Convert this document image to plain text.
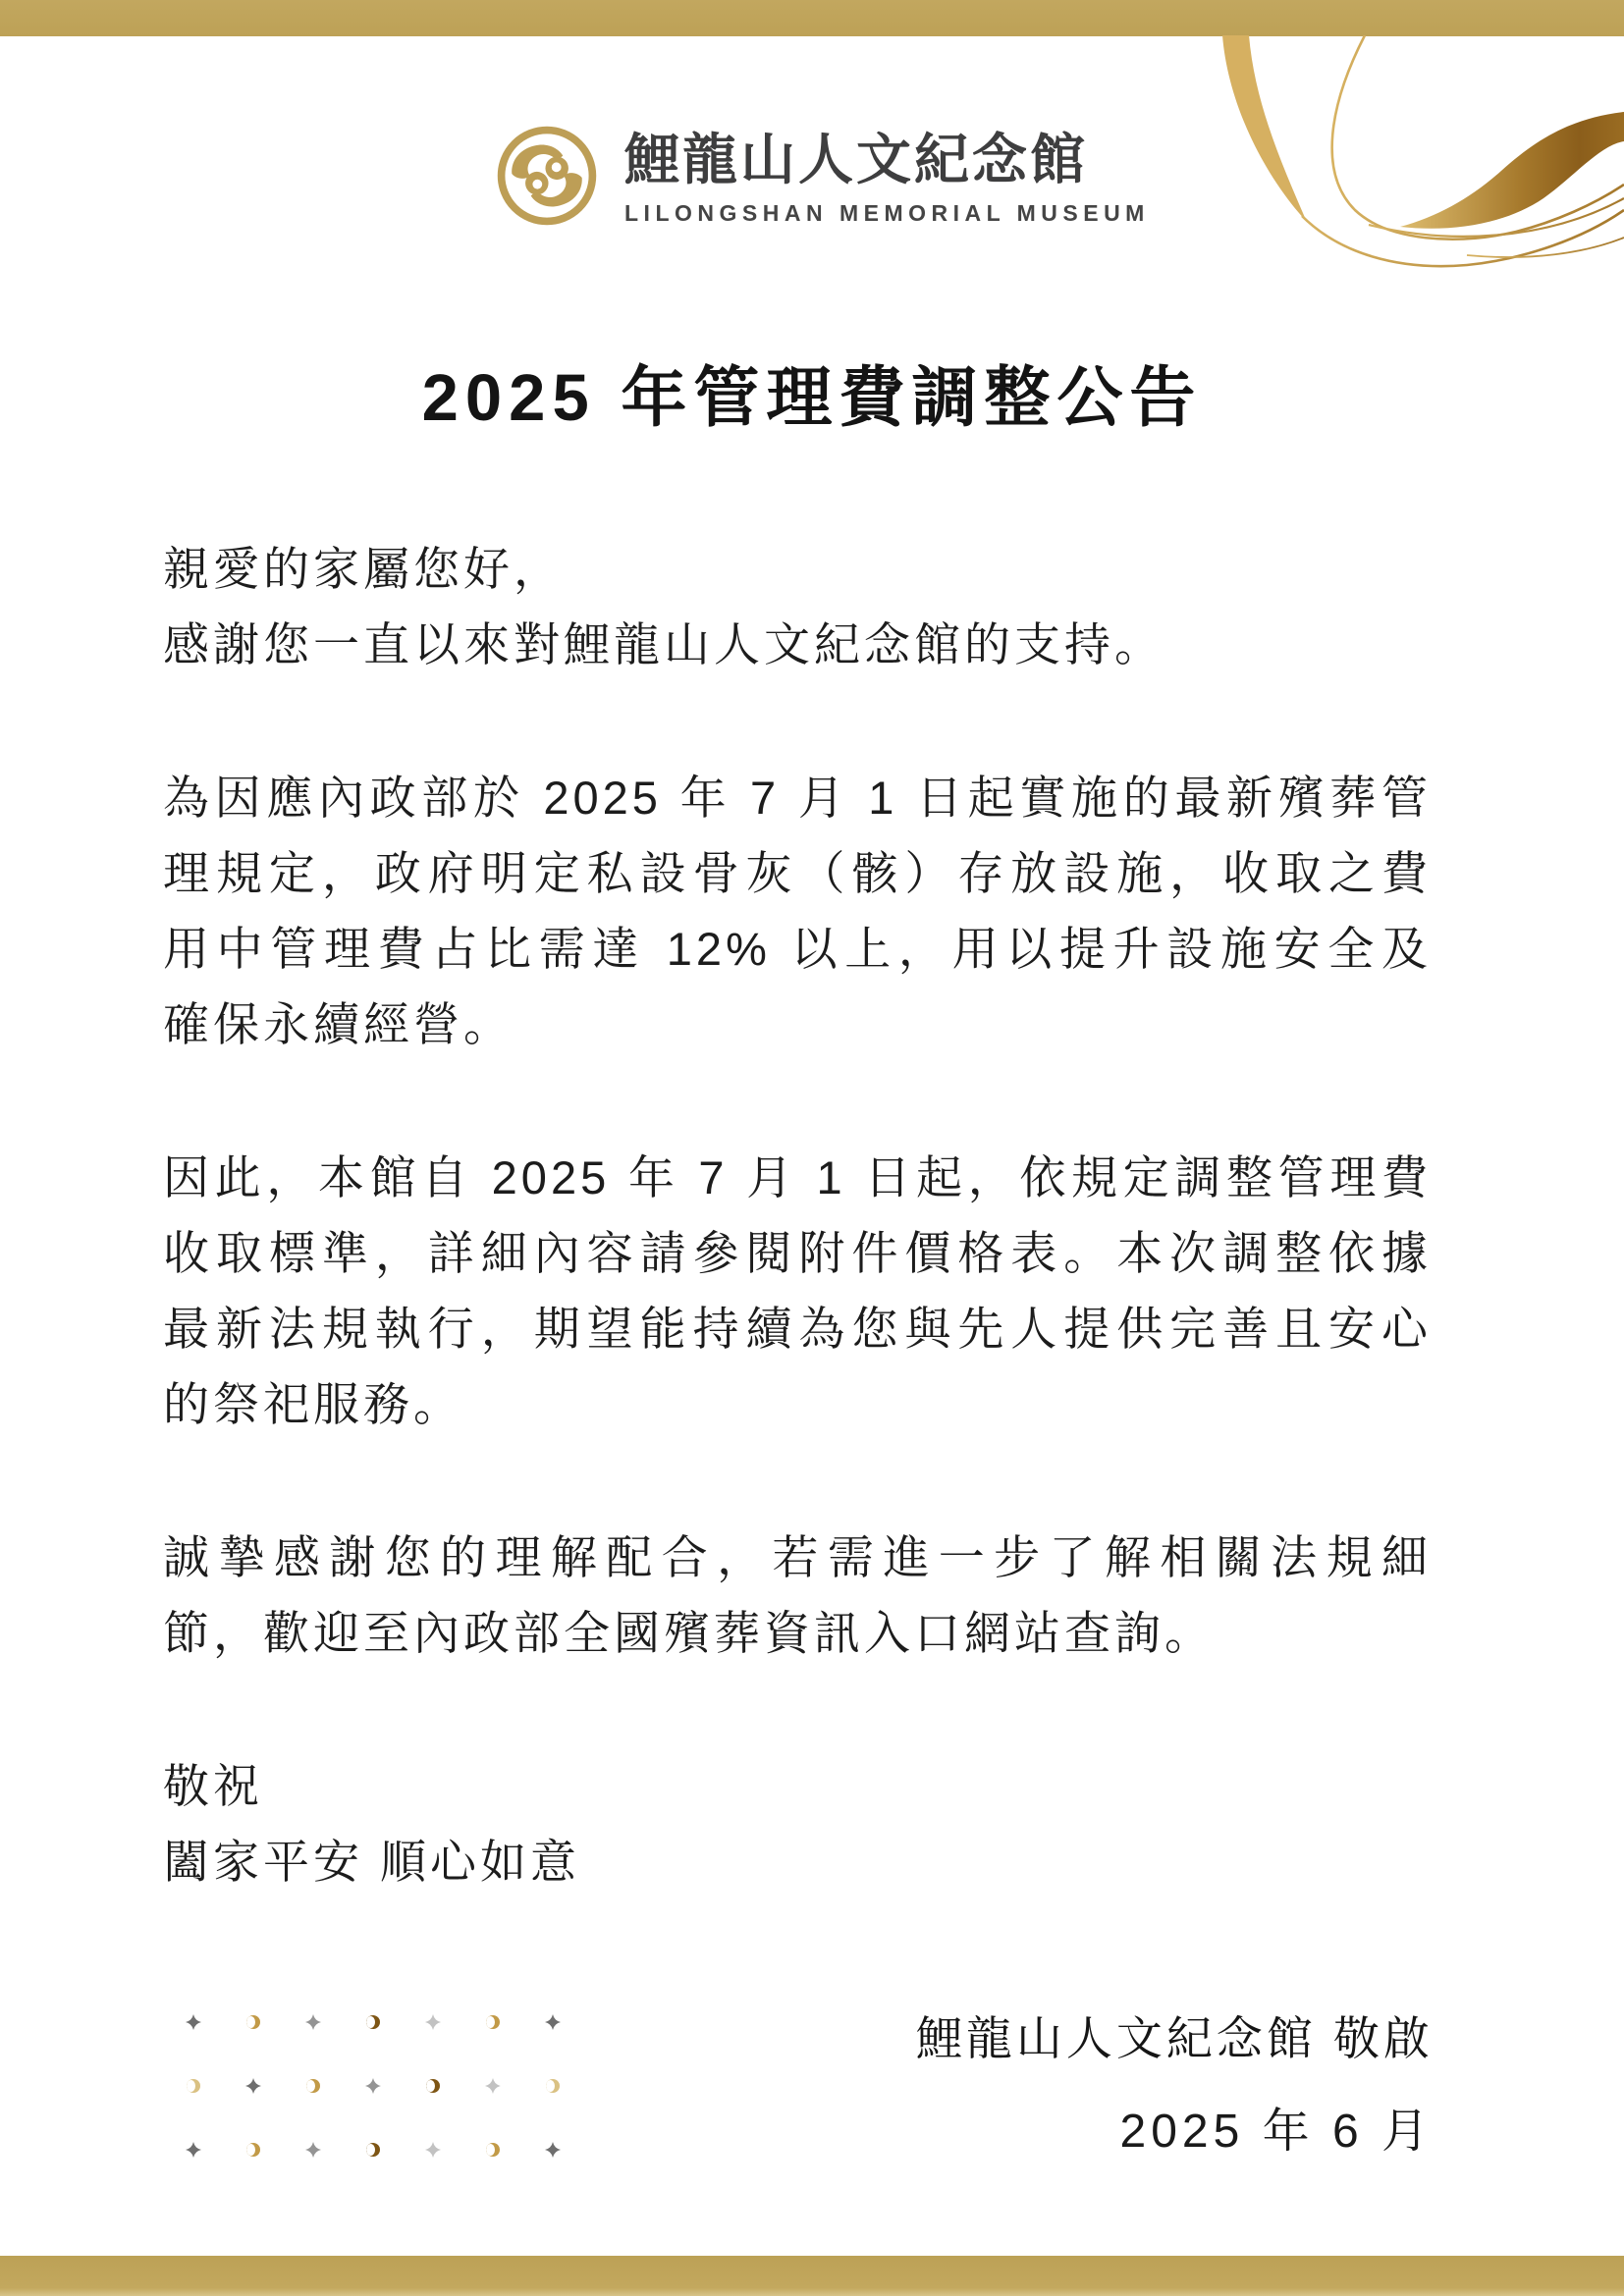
鯉龍山人文紀念館
LILONGSHAN MEMORIAL MUSEUM
2025 年管理費調整公告
親愛的家屬您好，
感謝您一直以來對鯉龍山人文紀念館的支持。
為因應內政部於 2025 年 7 月 1 日起實施的最新殯葬管
理規定，政府明定私設骨灰（骸）存放設施，收取之費
用中管理費占比需達 12% 以上，用以提升設施安全及
確保永續經營。
因此，本館自 2025 年 7 月 1 日起，依規定調整管理費
收取標準，詳細內容請參閱附件價格表。本次調整依據
最新法規執行，期望能持續為您與先人提供完善且安心
的祭祀服務。
誠摯感謝您的理解配合，若需進一步了解相關法規細
節，歡迎至內政部全國殯葬資訊入口網站查詢。
敬祝
闔家平安 順心如意
鯉龍山人文紀念館 敬啟
2025 年 6 月
